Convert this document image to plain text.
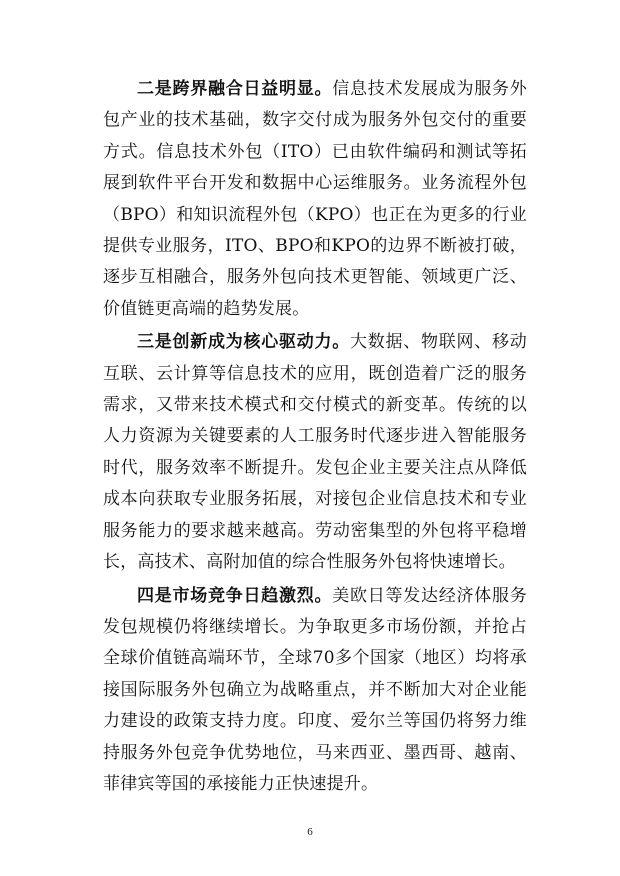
二是跨界融合日益明显。信息技术发展成为服务外包产业的技术基础，数字交付成为服务外包交付的重要方式。信息技术外包（ITO）已由软件编码和测试等拓展到软件平台开发和数据中心运维服务。业务流程外包（BPO）和知识流程外包（KPO）也正在为更多的行业提供专业服务，ITO、BPO和KPO的边界不断被打破，逐步互相融合，服务外包向技术更智能、领域更广泛、价值链更高端的趋势发展。

三是创新成为核心驱动力。大数据、物联网、移动互联、云计算等信息技术的应用，既创造着广泛的服务需求，又带来技术模式和交付模式的新变革。传统的以人力资源为关键要素的人工服务时代逐步进入智能服务时代，服务效率不断提升。发包企业主要关注点从降低成本向获取专业服务拓展，对接包企业信息技术和专业服务能力的要求越来越高。劳动密集型的外包将平稳增长，高技术、高附加值的综合性服务外包将快速增长。

四是市场竞争日趋激烈。美欧日等发达经济体服务发包规模仍将继续增长。为争取更多市场份额，并抢占全球价值链高端环节，全球70多个国家（地区）均将承接国际服务外包确立为战略重点，并不断加大对企业能力建设的政策支持力度。印度、爱尔兰等国仍将努力维持服务外包竞争优势地位，马来西亚、墨西哥、越南、菲律宾等国的承接能力正快速提升。

6
